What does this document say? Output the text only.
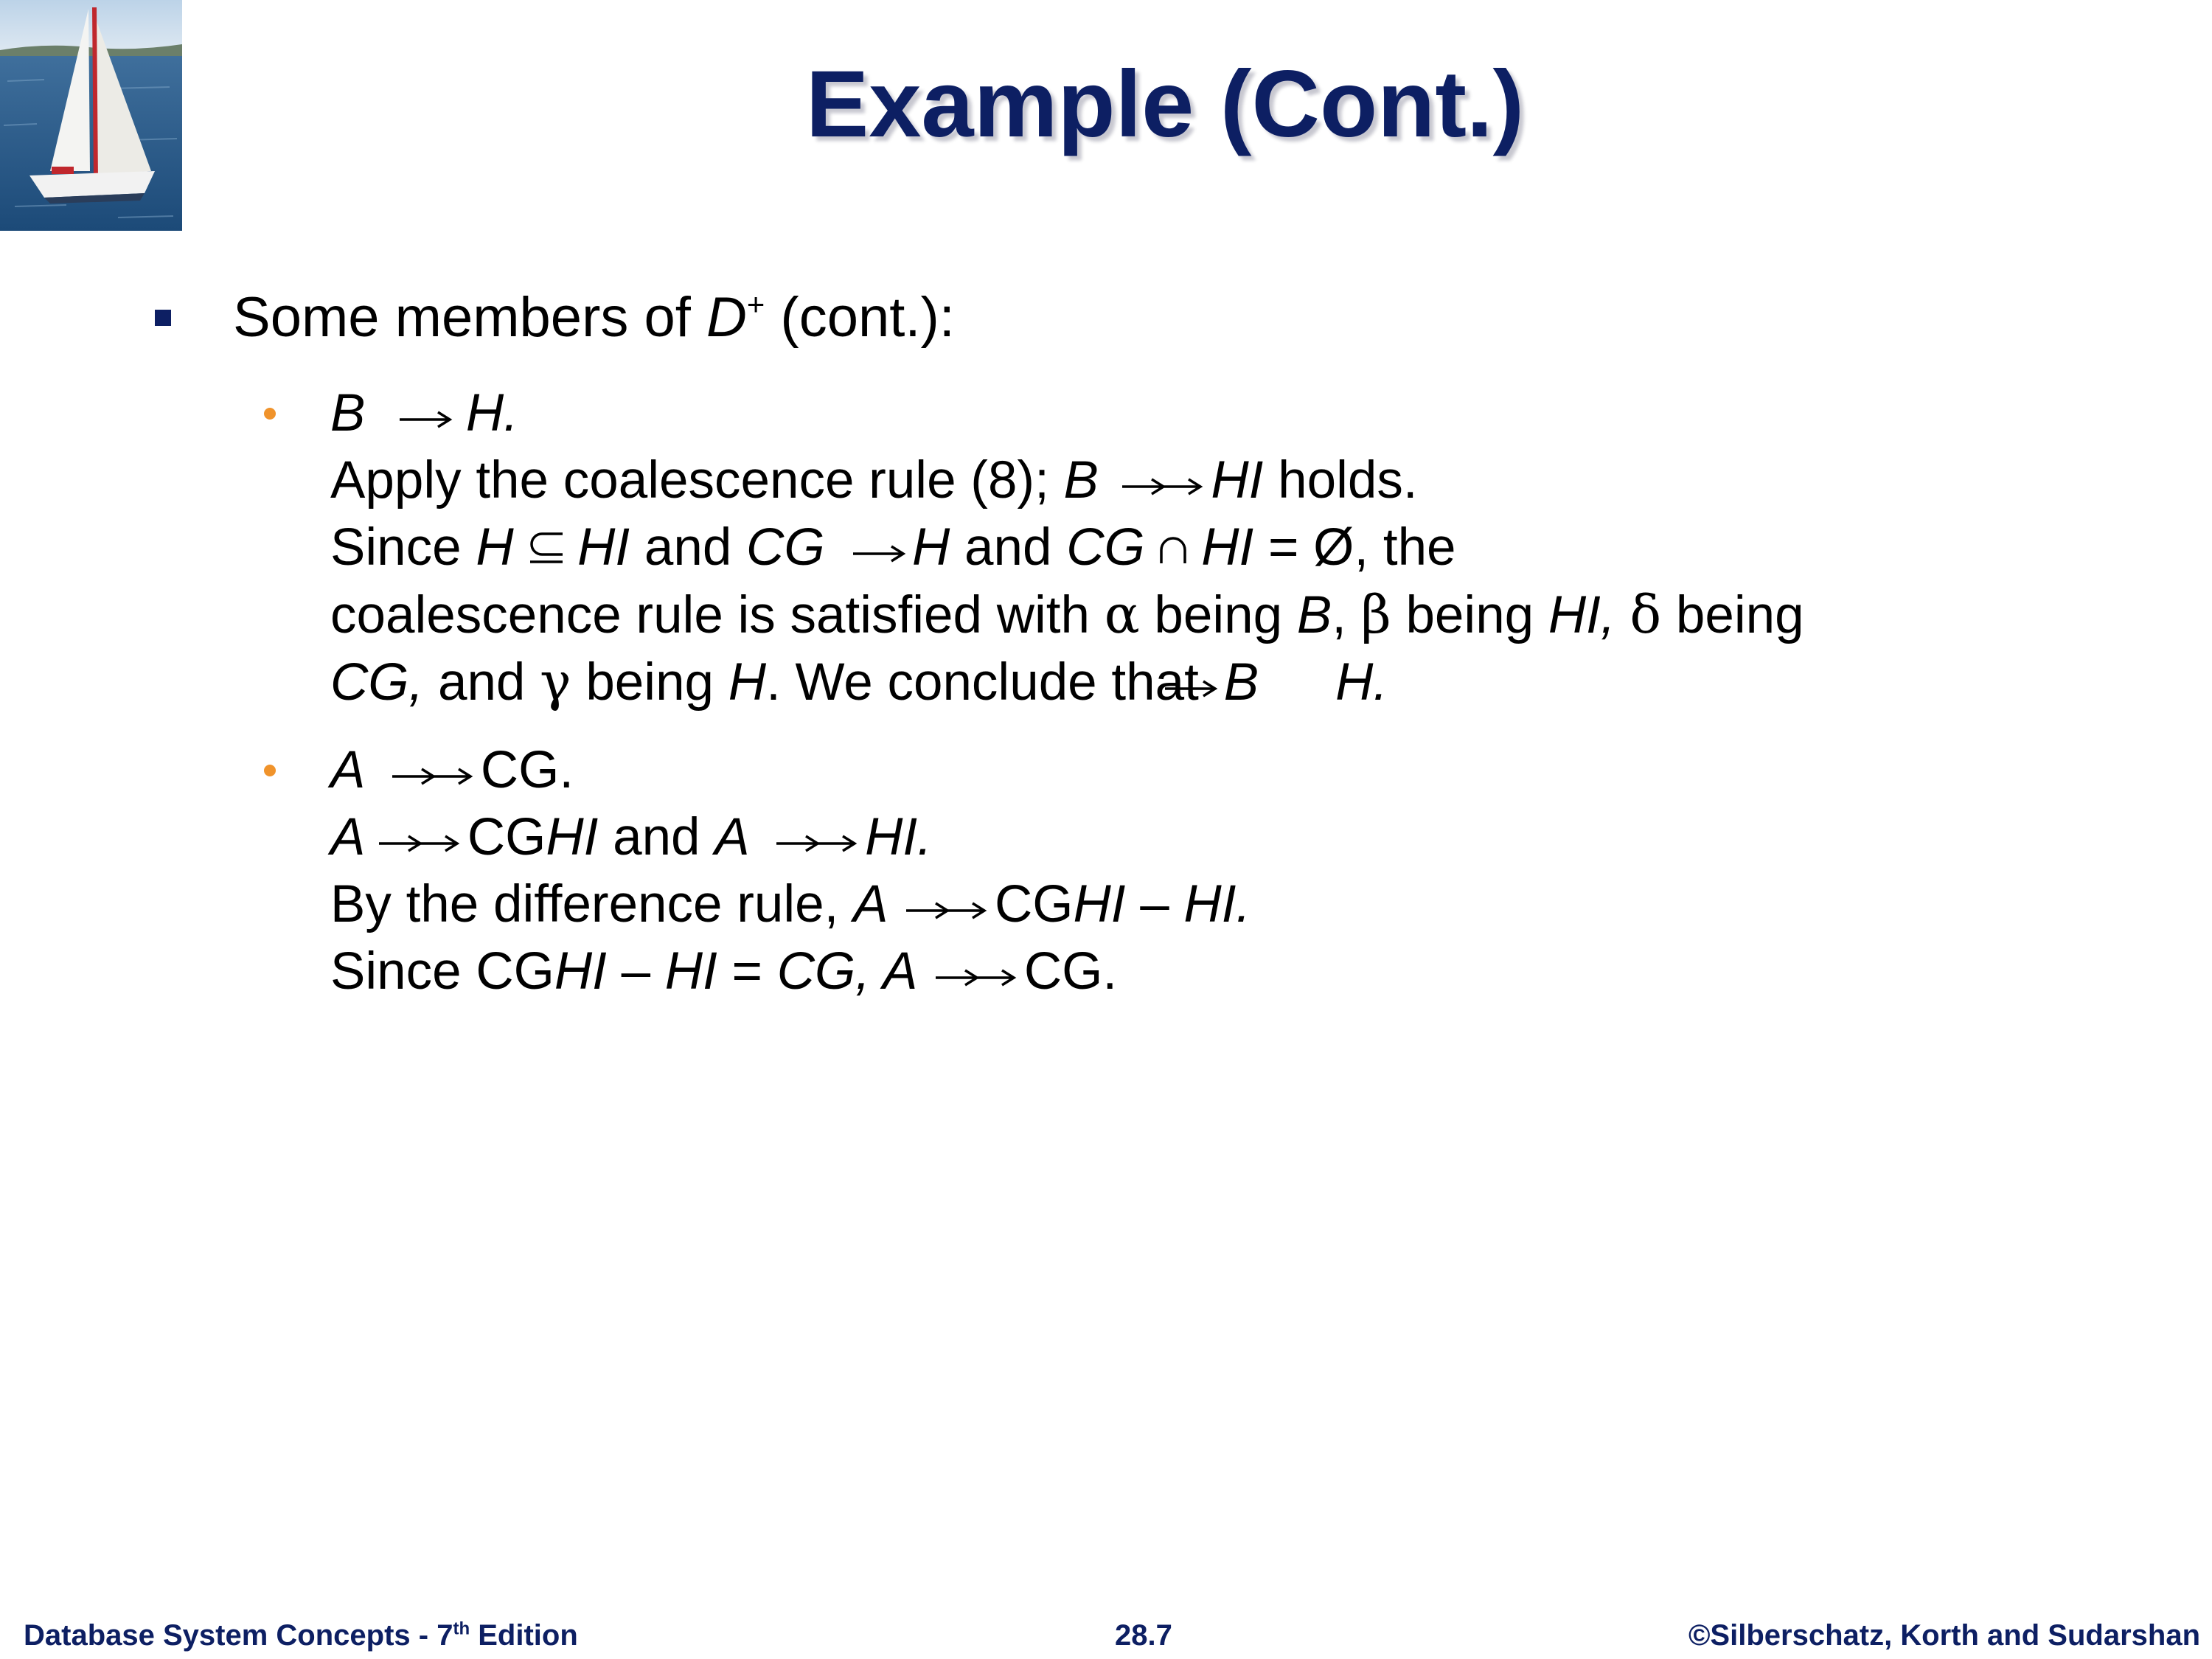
Example (Cont.)
Some members of D+ (cont.):
B H.
Apply the coalescence rule (8); B HI holds.
Since H HI and CG H and CG HI = Ø, the
coalescence rule is satisfied with α being B, β being HI, δ being
CG, and γ being H. We conclude that B H.
A CG.
A CGHI and A HI.
By the difference rule, A CGHI – HI.
Since CGHI – HI = CG, A CG.
Database System Concepts - 7th Edition	28.7	©Silberschatz, Korth and Sudarshan
